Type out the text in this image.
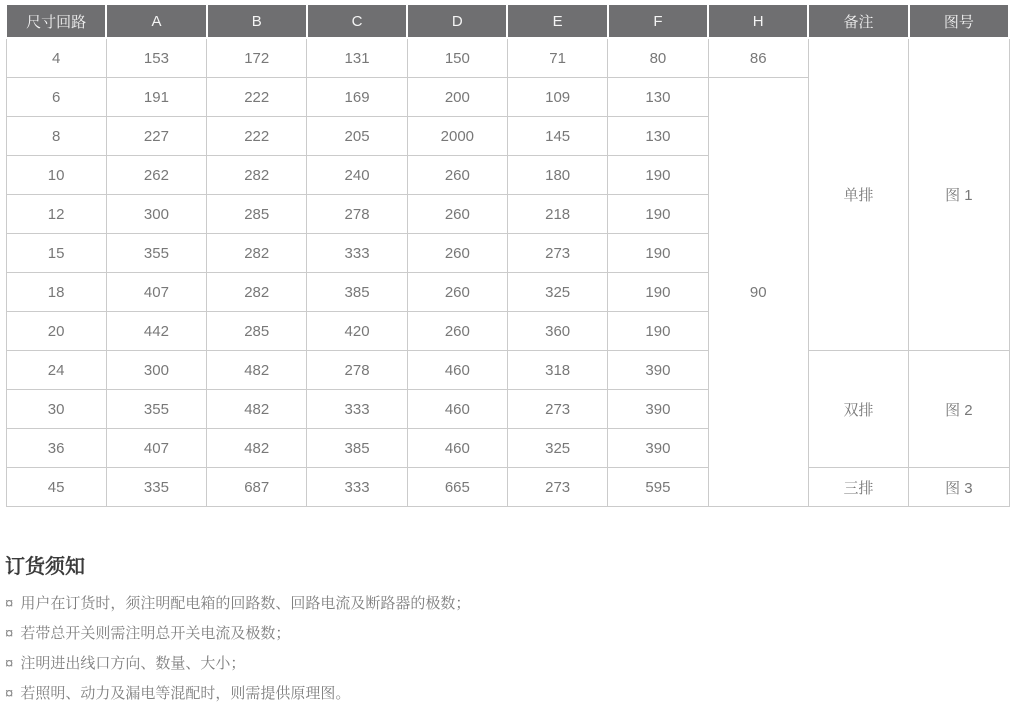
尺寸回路	A	B	C	D	E	F	H	备注	图号
4	153	172	131	150	71	80	86	单排	图 1
6	191	222	169	200	109	130	90		
8	227	222	205	2000	145	130			
10	262	282	240	260	180	190			
12	300	285	278	260	218	190			
15	355	282	333	260	273	190			
18	407	282	385	260	325	190			
20	442	285	420	260	360	190			
24	300	482	278	460	318	390		双排	图 2
30	355	482	333	460	273	390			
36	407	482	385	460	325	390			
45	335	687	333	665	273	595		三排	图 3
订货须知
¤ 用户在订货时，须注明配电箱的回路数、回路电流及断路器的极数；
¤ 若带总开关则需注明总开关电流及极数；
¤ 注明进出线口方向、数量、大小；
¤ 若照明、动力及漏电等混配时，则需提供原理图。
